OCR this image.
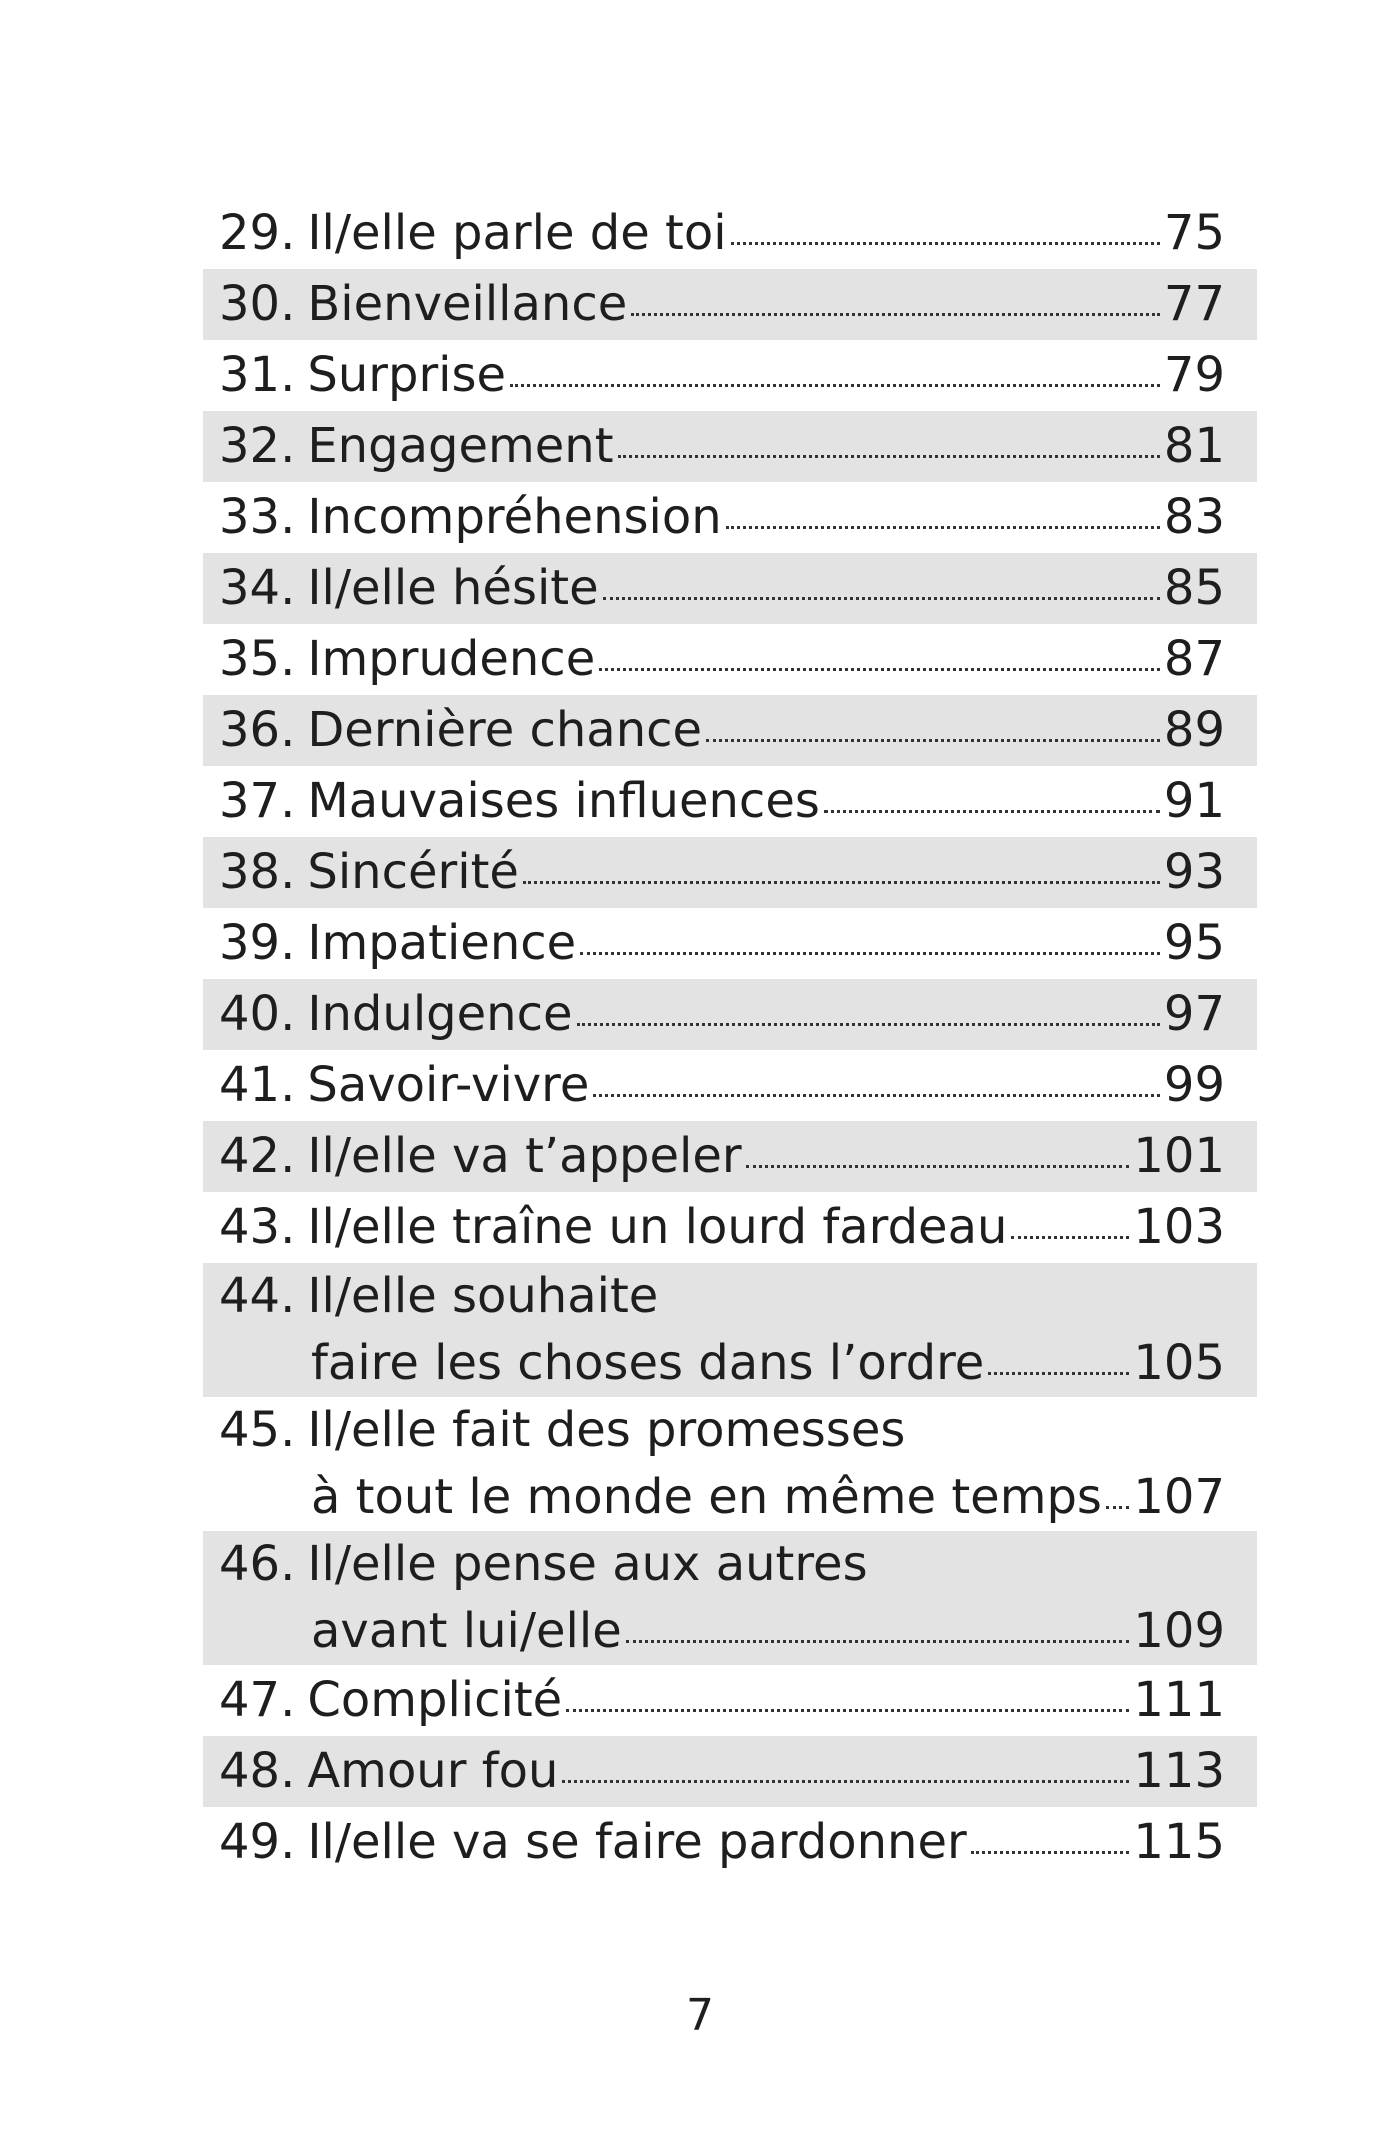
29. Il/elle parle de toi	75
30. Bienveillance	77
31. Surprise	79
32. Engagement	81
33. Incompréhension	83
34. Il/elle hésite	85
35. Imprudence	87
36. Dernière chance	89
37. Mauvaises influences	91
38. Sincérité	93
39. Impatience	95
40. Indulgence	97
41. Savoir-vivre	99
42. Il/elle va t’appeler	101
43. Il/elle traîne un lourd fardeau	103
44. Il/elle souhaite
faire les choses dans l’ordre	105
45. Il/elle fait des promesses
à tout le monde en même temps 107
46. Il/elle pense aux autres
avant lui/elle	109
47. Complicité	111
48. Amour fou	113
49. Il/elle va se faire pardonner	115
7
